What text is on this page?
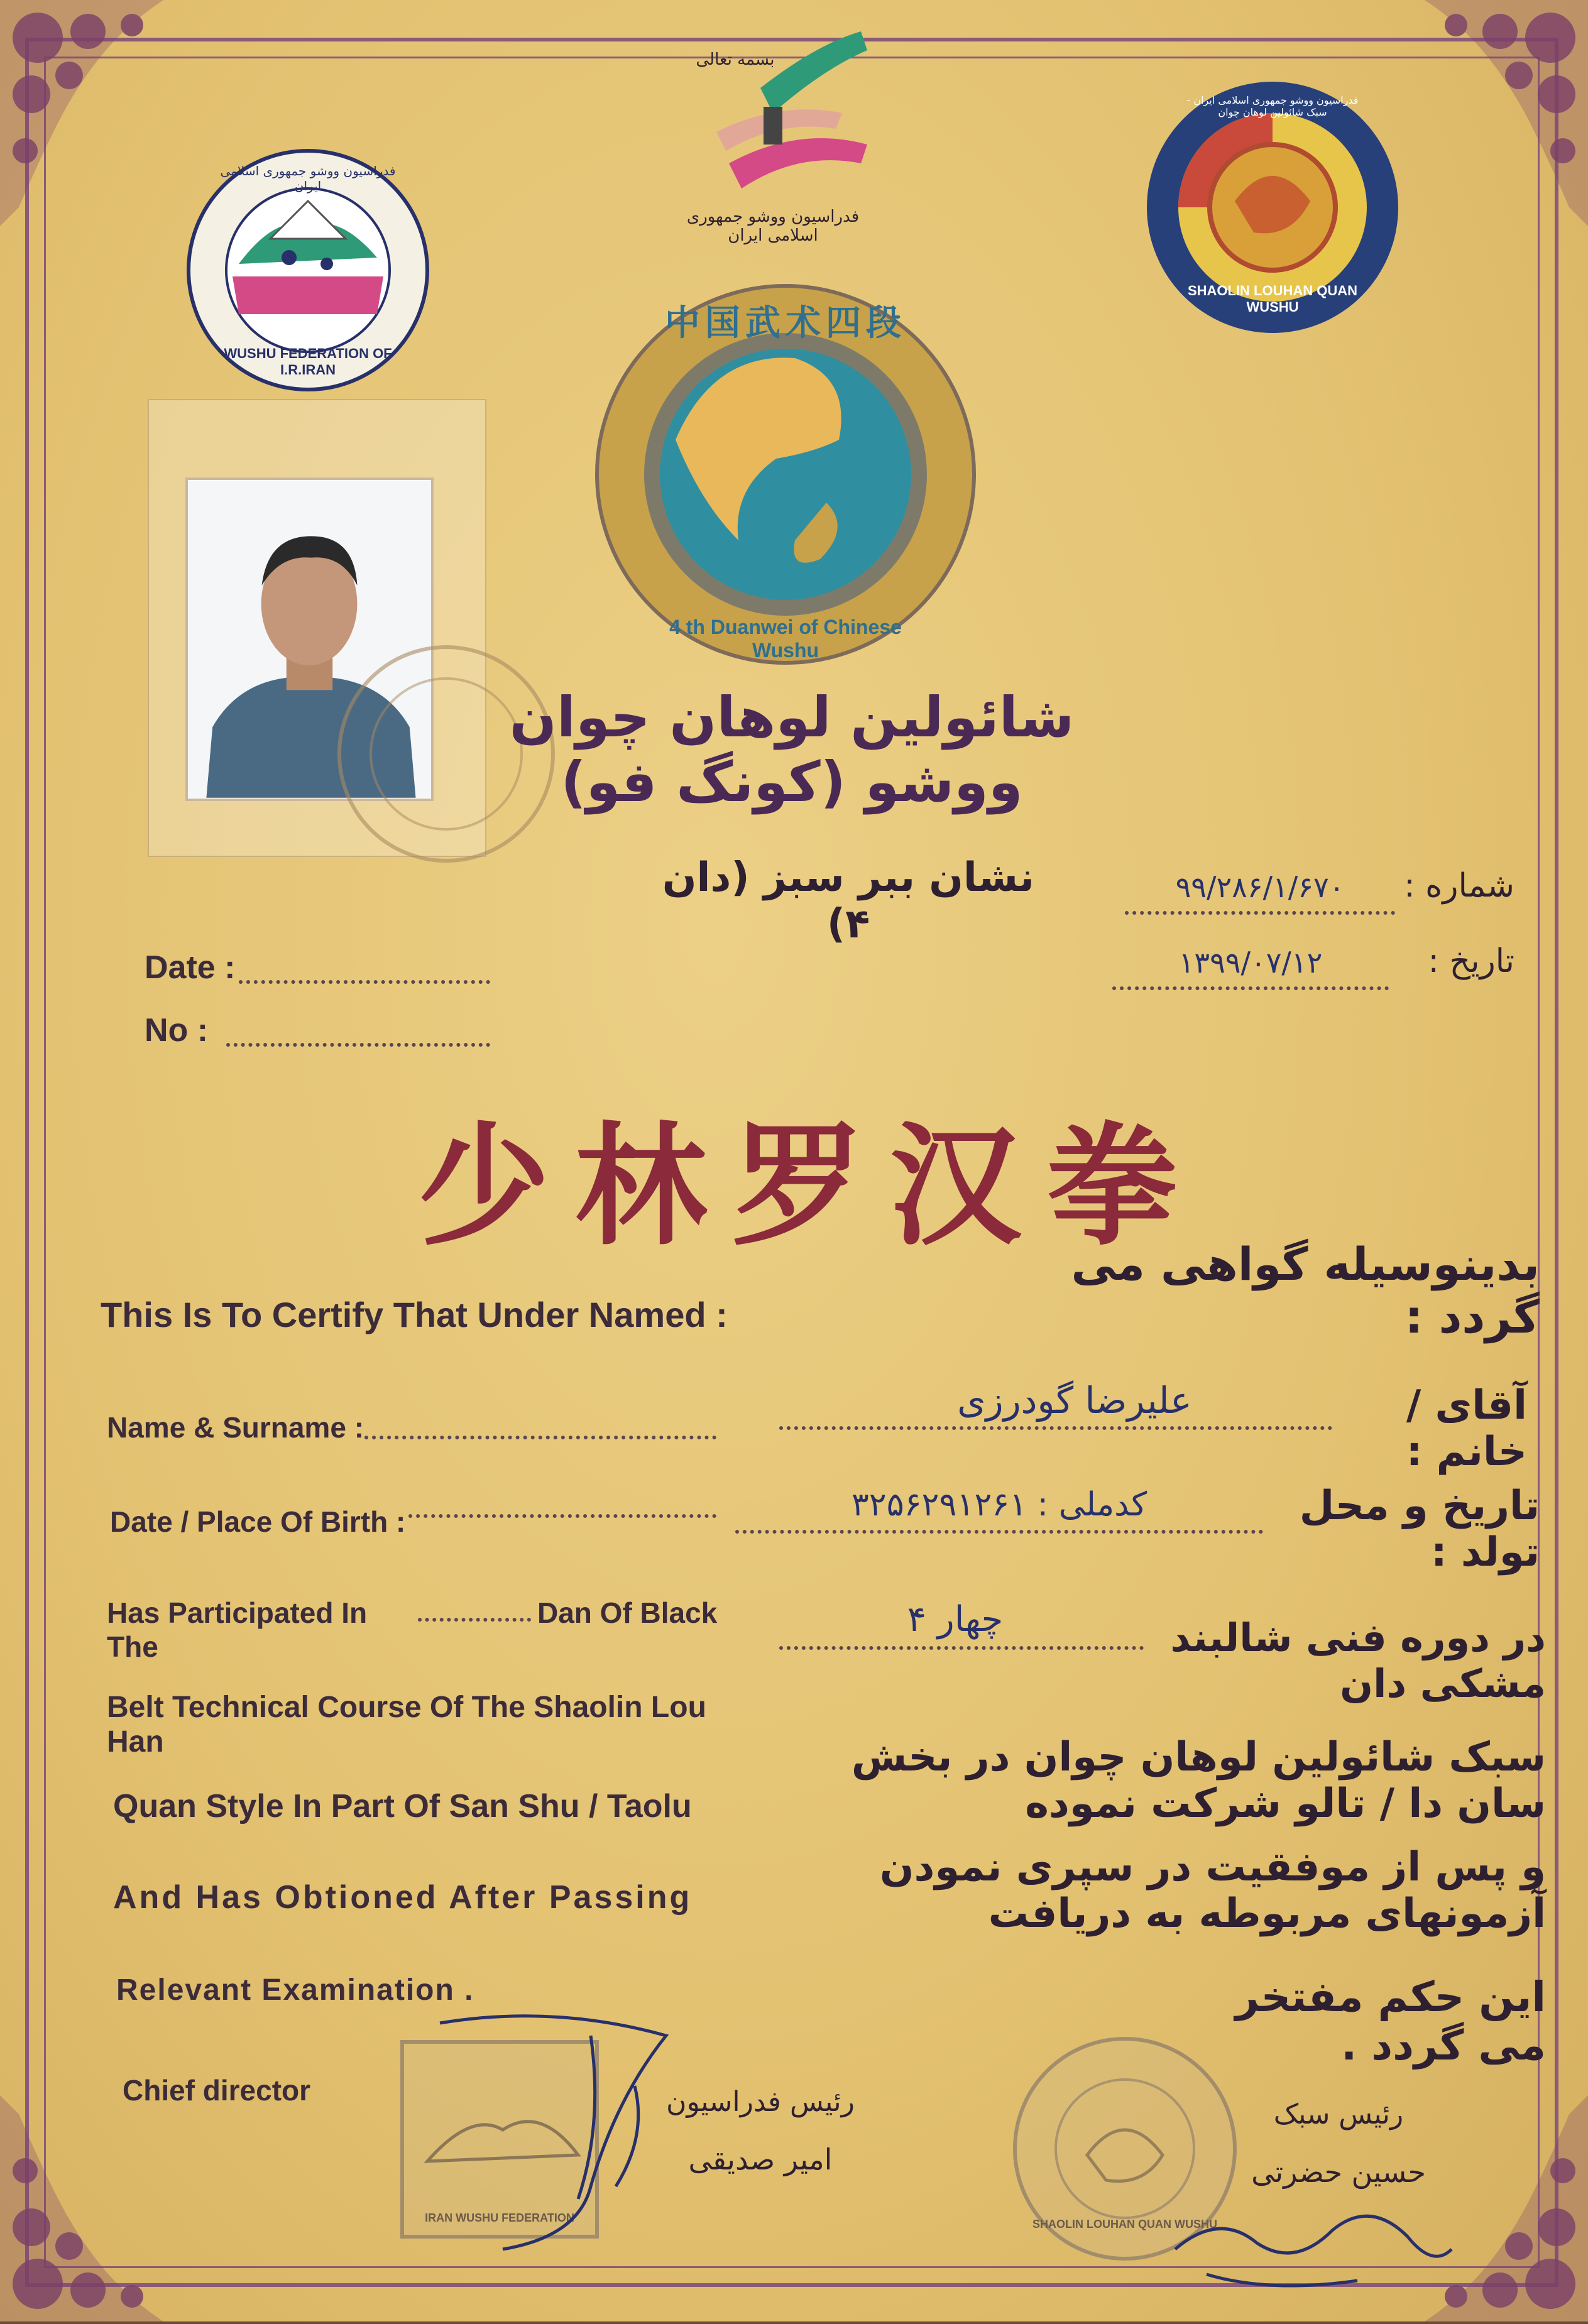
بسمه تعالی
فدراسیون ووشو جمهوری اسلامی ایران
WUSHU FEDERATION OF I.R.IRAN
فدراسیون ووشو جمهوری اسلامی ایران
SHAOLIN LOUHAN QUAN WUSHU
فدراسیون ووشو جمهوری اسلامی ایران - سبک شائولین لوهان چوان
中国武术四段
4 th Duanwei of Chinese Wushu
شائولین لوهان چوان ووشو (کونگ فو)
نشان ببر سبز (دان ۴)
شماره :
۹۹/۲۸۶/۱/۶۷۰
تاریخ :
۱۳۹۹/۰۷/۱۲
Date :
No :
少林罗汉拳
بدینوسیله گواهی می گردد :
This Is To Certify That Under Named :
Name & Surname :	آقای / خانم :
علیرضا گودرزی
Date / Place Of Birth :	تاریخ و محل تولد :
کدملی : ۳۲۵۶۲۹۱۲۶۱
Has Participated In The
Dan Of Black
در دوره فنی شالبند مشکی دان
چهار ۴
Belt Technical Course Of The Shaolin Lou Han
Quan Style In Part Of San Shu / Taolu
And Has Obtioned After Passing
Relevant Examination .
سبک شائولین لوهان چوان در بخش سان دا / تالو شرکت نموده
و پس از موفقیت در سپری نمودن آزمونهای مربوطه به دریافت
این حکم مفتخر می گردد .
Chief director
IRAN WUSHU FEDERATION
رئیس فدراسیون
امیر صدیقی
SHAOLIN LOUHAN QUAN WUSHU
رئیس سبک
حسین حضرتی
